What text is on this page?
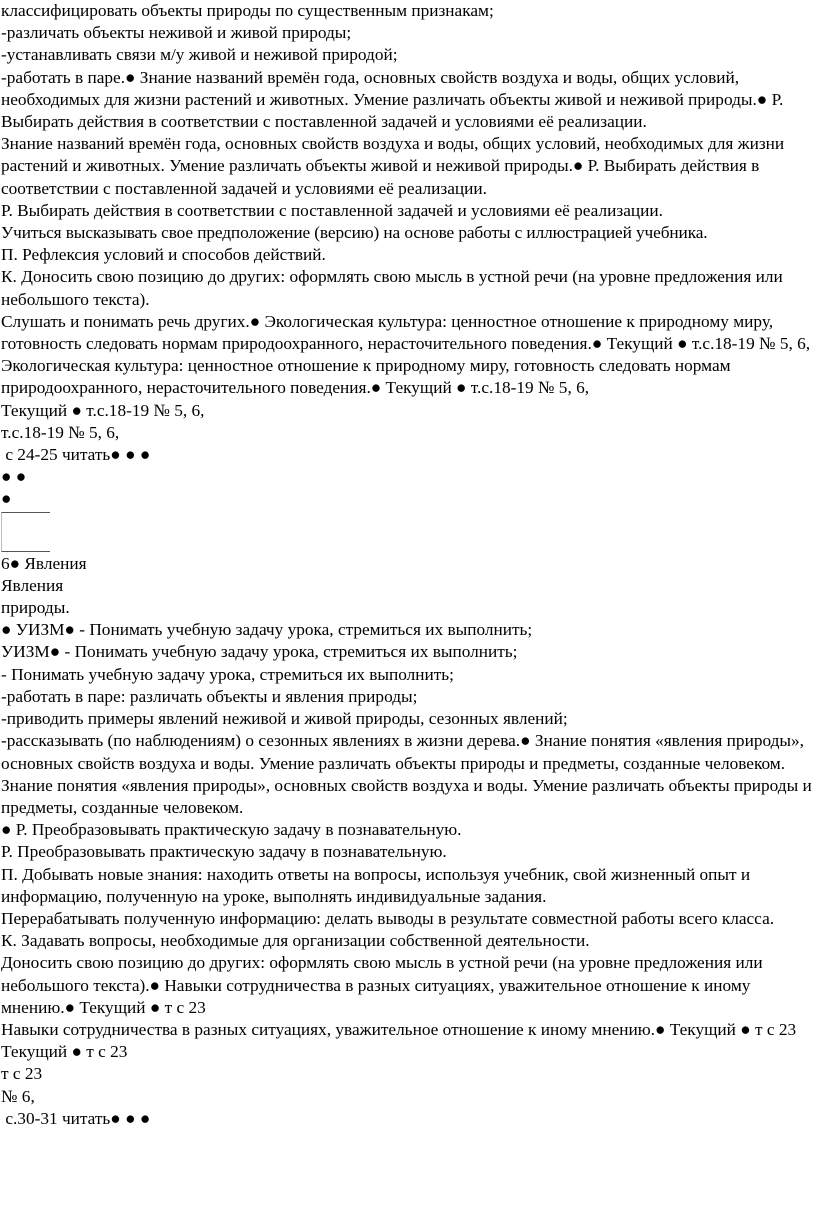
классифицировать объекты природы по существенным признакам;

-различать объекты неживой и живой природы;

-устанавливать связи м/у живой и неживой природой;

-работать в паре.● Знание названий времён года, основных свойств воздуха и воды, общих условий, необходимых для жизни растений и животных. Умение различать объекты живой и неживой природы.● Р. Выбирать действия в соответствии с поставленной задачей и условиями её реализации.

Знание названий времён года, основных свойств воздуха и воды, общих условий, необходимых для жизни растений и животных. Умение различать объекты живой и неживой природы.● Р. Выбирать действия в соответствии с поставленной задачей и условиями её реализации.

Р. Выбирать действия в соответствии с поставленной задачей и условиями её реализации.

Учиться высказывать свое предположение (версию) на основе работы с иллюстрацией учебника.

П. Рефлексия условий и способов действий.

К. Доносить свою позицию до других: оформлять свою мысль в устной речи (на уровне предложения или небольшого текста).

Слушать и понимать речь других.● Экологическая культура: ценностное отношение к природному миру, готовность следовать нормам природоохранного, нерасточительного поведения.● Текущий ● т.с.18-19 № 5, 6,

Экологическая культура: ценностное отношение к природному миру, готовность следовать нормам природоохранного, нерасточительного поведения.● Текущий ● т.с.18-19 № 5, 6,

Текущий ● т.с.18-19 № 5, 6,

т.с.18-19 № 5, 6,

с 24-25 читать● ● ●

● ●

●

6● Явления

Явления

природы.

● УИЗМ● - Понимать учебную задачу урока, стремиться их выполнить;

УИЗМ● - Понимать учебную задачу урока, стремиться их выполнить;

- Понимать учебную задачу урока, стремиться их выполнить;

-работать в паре: различать объекты и явления природы;

-приводить примеры явлений неживой и живой природы, сезонных явлений;

-рассказывать (по наблюдениям) о сезонных явлениях в жизни дерева.● Знание понятия «явления природы», основных свойств воздуха и воды. Умение различать объекты природы и предметы, созданные человеком.

Знание понятия «явления природы», основных свойств воздуха и воды. Умение различать объекты природы и предметы, созданные человеком.

● Р. Преобразовывать практическую задачу в познавательную.

Р. Преобразовывать практическую задачу в познавательную.

П. Добывать новые знания: находить ответы на вопросы, используя учебник, свой жизненный опыт и информацию, полученную на уроке, выполнять индивидуальные задания.

Перерабатывать полученную информацию: делать выводы в результате совместной работы всего класса.

К. Задавать вопросы, необходимые для организации собственной деятельности.

Доносить свою позицию до других: оформлять свою мысль в устной речи (на уровне предложения или небольшого текста).● Навыки сотрудничества в разных ситуациях, уважительное отношение к иному мнению.● Текущий ● т с 23

Навыки сотрудничества в разных ситуациях, уважительное отношение к иному мнению.● Текущий ● т с 23

Текущий ● т с 23

т с 23

№ 6,

с.30-31 читать● ● ●
